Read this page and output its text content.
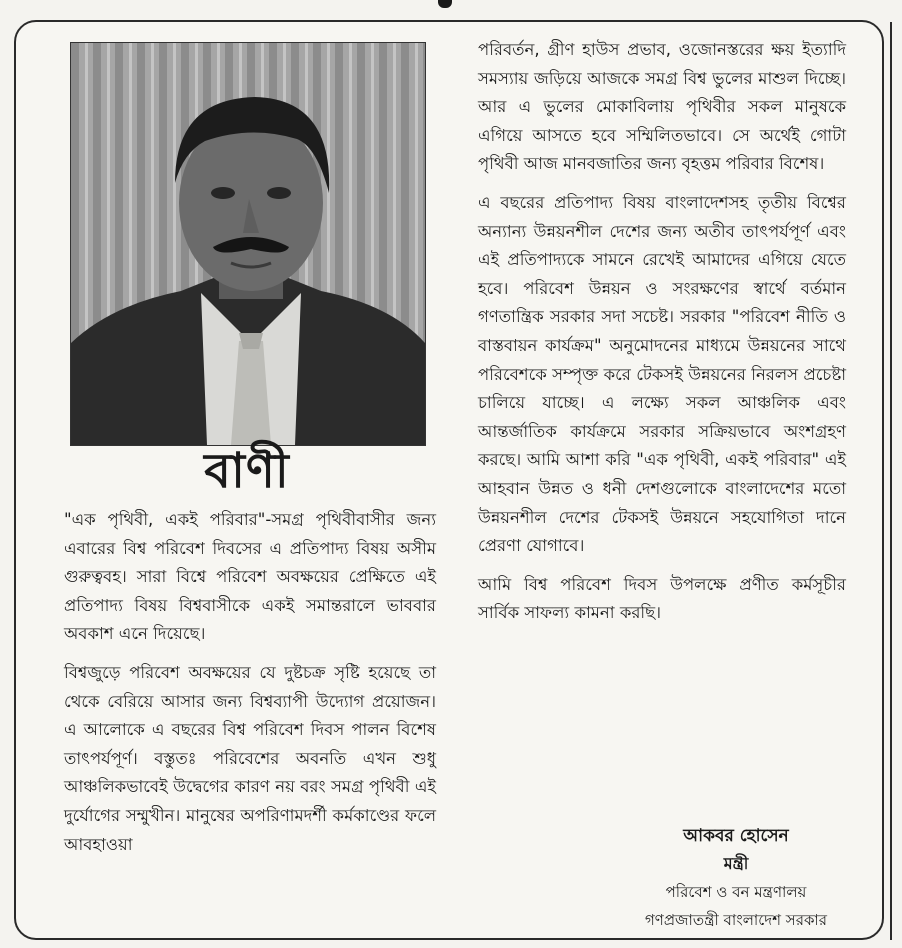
বাণী

"এক পৃথিবী, একই পরিবার"-সমগ্র পৃথিবীবাসীর জন্য এবারের বিশ্ব পরিবেশ দিবসের এ প্রতিপাদ্য বিষয় অসীম গুরুত্ববহ। সারা বিশ্বে পরিবেশ অবক্ষয়ের প্রেক্ষিতে এই প্রতিপাদ্য বিষয় বিশ্ববাসীকে একই সমান্তরালে ভাববার অবকাশ এনে দিয়েছে।

বিশ্বজুড়ে পরিবেশ অবক্ষয়ের যে দুষ্টচক্র সৃষ্টি হয়েছে তা থেকে বেরিয়ে আসার জন্য বিশ্বব্যাপী উদ্যোগ প্রয়োজন। এ আলোকে এ বছরের বিশ্ব পরিবেশ দিবস পালন বিশেষ তাৎপর্যপূর্ণ। বস্তুতঃ পরিবেশের অবনতি এখন শুধু আঞ্চলিকভাবেই উদ্বেগের কারণ নয় বরং সমগ্র পৃথিবী এই দুর্যোগের সম্মুখীন। মানুষের অপরিণামদর্শী কর্মকাণ্ডের ফলে আবহাওয়া

পরিবর্তন, গ্রীণ হাউস প্রভাব, ওজোনস্তরের ক্ষয় ইত্যাদি সমস্যায় জড়িয়ে আজকে সমগ্র বিশ্ব ভুলের মাশুল দিচ্ছে। আর এ ভুলের মোকাবিলায় পৃথিবীর সকল মানুষকে এগিয়ে আসতে হবে সম্মিলিতভাবে। সে অর্থেই গোটা পৃথিবী আজ মানবজাতির জন্য বৃহত্তম পরিবার বিশেষ।

এ বছরের প্রতিপাদ্য বিষয় বাংলাদেশসহ তৃতীয় বিশ্বের অন্যান্য উন্নয়নশীল দেশের জন্য অতীব তাৎপর্যপূর্ণ এবং এই প্রতিপাদ্যকে সামনে রেখেই আমাদের এগিয়ে যেতে হবে। পরিবেশ উন্নয়ন ও সংরক্ষণের স্বার্থে বর্তমান গণতান্ত্রিক সরকার সদা সচেষ্ট। সরকার "পরিবেশ নীতি ও বাস্তবায়ন কার্যক্রম" অনুমোদনের মাধ্যমে উন্নয়নের সাথে পরিবেশকে সম্পৃক্ত করে টেকসই উন্নয়নের নিরলস প্রচেষ্টা চালিয়ে যাচ্ছে। এ লক্ষ্যে সকল আঞ্চলিক এবং আন্তর্জাতিক কার্যক্রমে সরকার সক্রিয়ভাবে অংশগ্রহণ করছে। আমি আশা করি "এক পৃথিবী, একই পরিবার" এই আহবান উন্নত ও ধনী দেশগুলোকে বাংলাদেশের মতো উন্নয়নশীল দেশের টেকসই উন্নয়নে সহযোগিতা দানে প্রেরণা যোগাবে।

আমি বিশ্ব পরিবেশ দিবস উপলক্ষে প্রণীত কর্মসূচীর সার্বিক সাফল্য কামনা করছি।

আকবর হোসেন
মন্ত্রী
পরিবেশ ও বন মন্ত্রণালয়
গণপ্রজাতন্ত্রী বাংলাদেশ সরকার
